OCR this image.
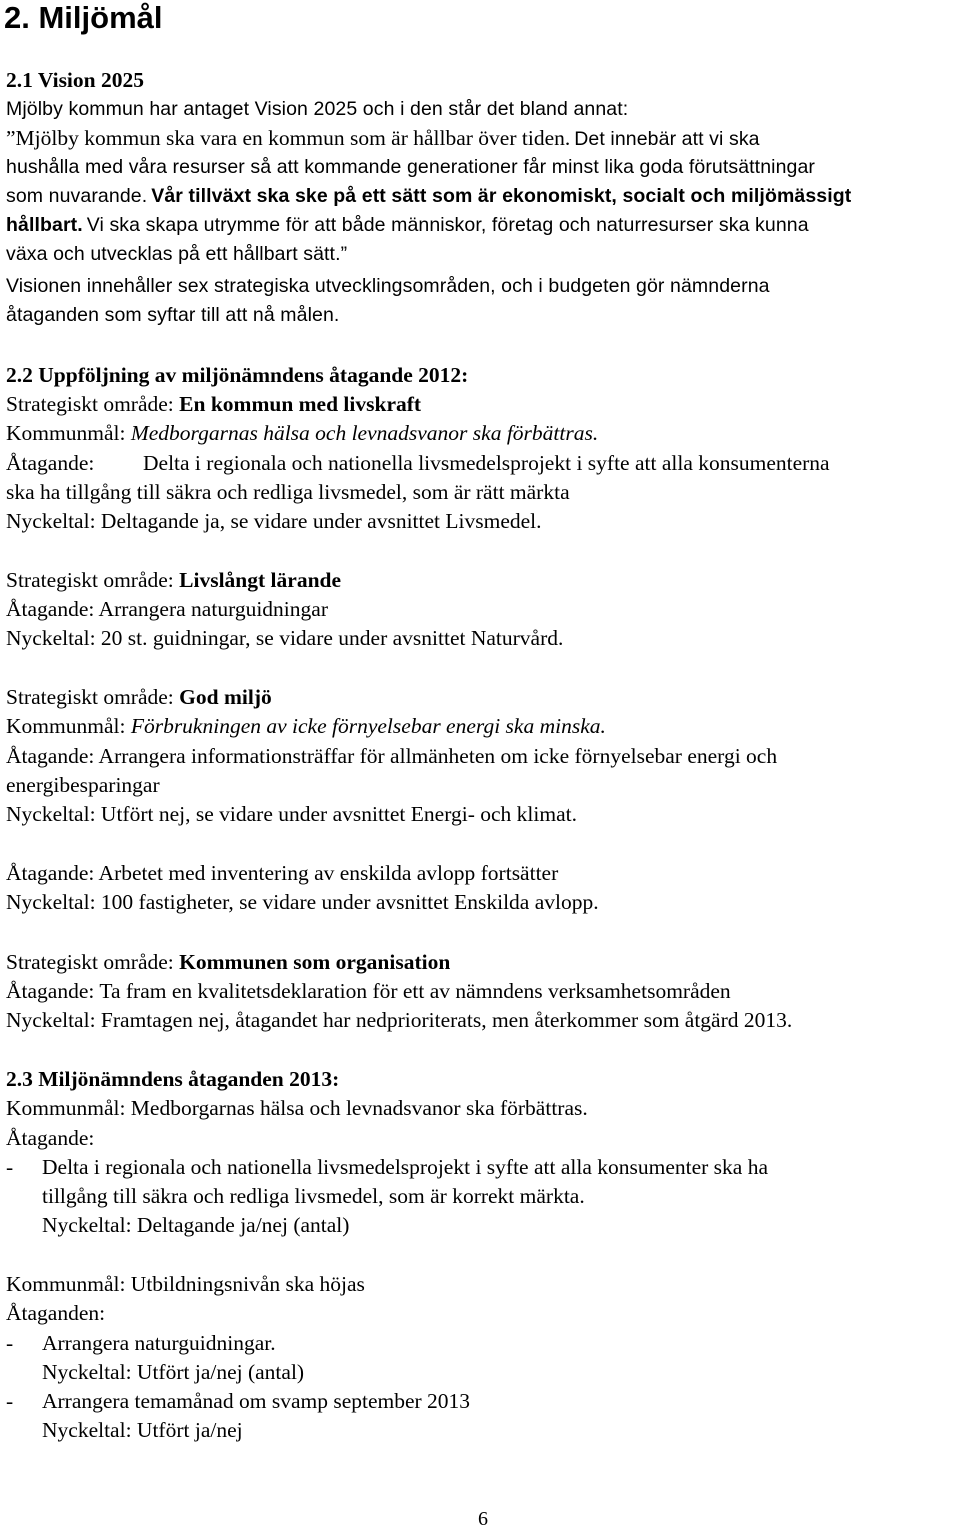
2. Miljömål
2.1 Vision 2025
Mjölby kommun har antaget Vision 2025 och i den står det bland annat:
”Mjölby kommun ska vara en kommun som är hållbar över tiden. Det innebär att vi ska
hushålla med våra resurser så att kommande generationer får minst lika goda förutsättningar
som nuvarande. Vår tillväxt ska ske på ett sätt som är ekonomiskt, socialt och miljömässigt
hållbart. Vi ska skapa utrymme för att både människor, företag och naturresurser ska kunna
växa och utvecklas på ett hållbart sätt.”
Visionen innehåller sex strategiska utvecklingsområden, och i budgeten gör nämnderna
åtaganden som syftar till att nå målen.
2.2 Uppföljning av miljönämndens åtagande 2012:
Strategiskt område: En kommun med livskraft
Kommunmål: Medborgarnas hälsa och levnadsvanor ska förbättras.
Åtagande: Delta i regionala och nationella livsmedelsprojekt i syfte att alla konsumenterna
ska ha tillgång till säkra och redliga livsmedel, som är rätt märkta
Nyckeltal: Deltagande ja, se vidare under avsnittet Livsmedel.
Strategiskt område: Livslångt lärande
Åtagande: Arrangera naturguidningar
Nyckeltal: 20 st. guidningar, se vidare under avsnittet Naturvård.
Strategiskt område: God miljö
Kommunmål: Förbrukningen av icke förnyelsebar energi ska minska.
Åtagande: Arrangera informationsträffar för allmänheten om icke förnyelsebar energi och
energibesparingar
Nyckeltal: Utfört nej, se vidare under avsnittet Energi- och klimat.
Åtagande: Arbetet med inventering av enskilda avlopp fortsätter
Nyckeltal: 100 fastigheter, se vidare under avsnittet Enskilda avlopp.
Strategiskt område: Kommunen som organisation
Åtagande: Ta fram en kvalitetsdeklaration för ett av nämndens verksamhetsområden
Nyckeltal: Framtagen nej, åtagandet har nedprioriterats, men återkommer som åtgärd 2013.
2.3 Miljönämndens åtaganden 2013:
Kommunmål: Medborgarnas hälsa och levnadsvanor ska förbättras.
Åtagande:
- Delta i regionala och nationella livsmedelsprojekt i syfte att alla konsumenter ska ha
tillgång till säkra och redliga livsmedel, som är korrekt märkta.
Nyckeltal: Deltagande ja/nej (antal)
Kommunmål: Utbildningsnivån ska höjas
Åtaganden:
- Arrangera naturguidningar.
Nyckeltal: Utfört ja/nej (antal)
- Arrangera temamånad om svamp september 2013
Nyckeltal: Utfört ja/nej
6
